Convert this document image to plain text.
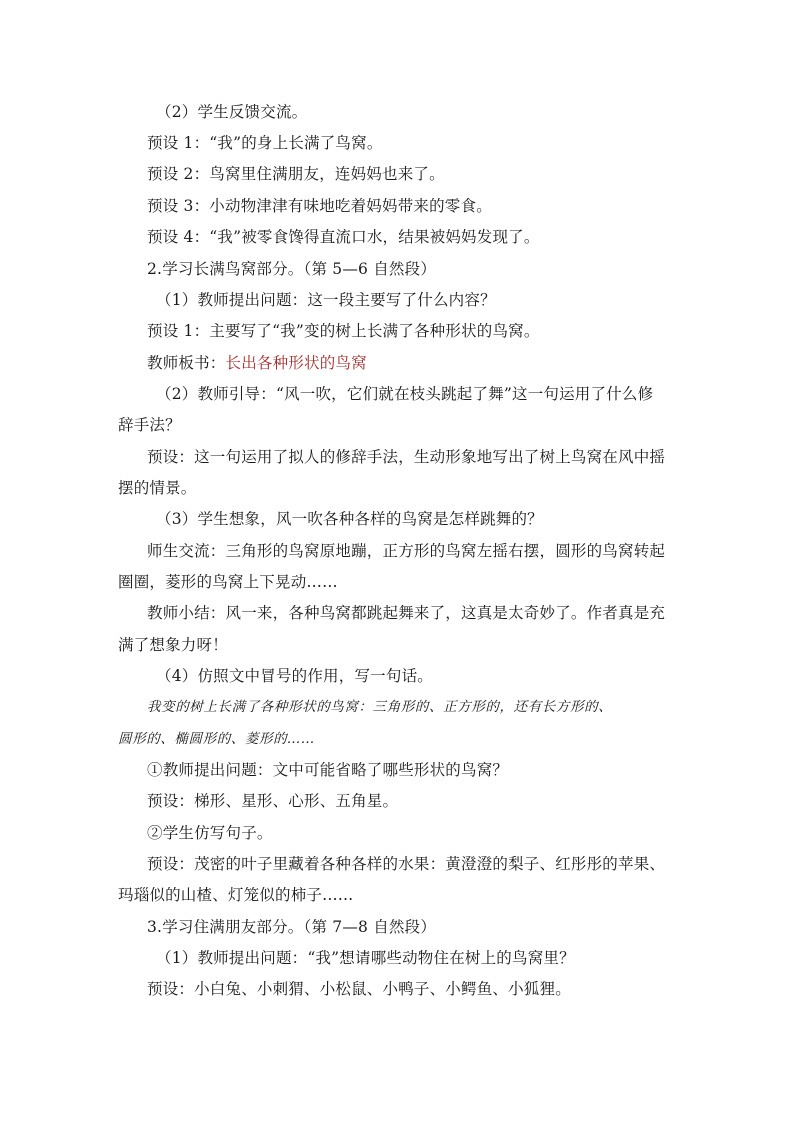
（2）学生反馈交流。
预设 1：“我”的身上长满了鸟窝。
预设 2：鸟窝里住满朋友，连妈妈也来了。
预设 3：小动物津津有味地吃着妈妈带来的零食。
预设 4：“我”被零食馋得直流口水，结果被妈妈发现了。
2.学习长满鸟窝部分。（第 5—6 自然段）
（1）教师提出问题：这一段主要写了什么内容？
预设 1：主要写了“我”变的树上长满了各种形状的鸟窝。
教师板书：长出各种形状的鸟窝
（2）教师引导：“风一吹，它们就在枝头跳起了舞”这一句运用了什么修
辞手法？
预设：这一句运用了拟人的修辞手法，生动形象地写出了树上鸟窝在风中摇
摆的情景。
（3）学生想象，风一吹各种各样的鸟窝是怎样跳舞的？
师生交流：三角形的鸟窝原地蹦，正方形的鸟窝左摇右摆，圆形的鸟窝转起
圈圈，菱形的鸟窝上下晃动……
教师小结：风一来，各种鸟窝都跳起舞来了，这真是太奇妙了。作者真是充
满了想象力呀！
（4）仿照文中冒号的作用，写一句话。
我变的树上长满了各种形状的鸟窝：三角形的、正方形的，还有长方形的、
圆形的、椭圆形的、菱形的……
①教师提出问题：文中可能省略了哪些形状的鸟窝？
预设：梯形、星形、心形、五角星。
②学生仿写句子。
预设：茂密的叶子里藏着各种各样的水果：黄澄澄的梨子、红彤彤的苹果、
玛瑙似的山楂、灯笼似的柿子……
3.学习住满朋友部分。（第 7—8 自然段）
（1）教师提出问题：“我”想请哪些动物住在树上的鸟窝里？
预设：小白兔、小刺猬、小松鼠、小鸭子、小鳄鱼、小狐狸。
